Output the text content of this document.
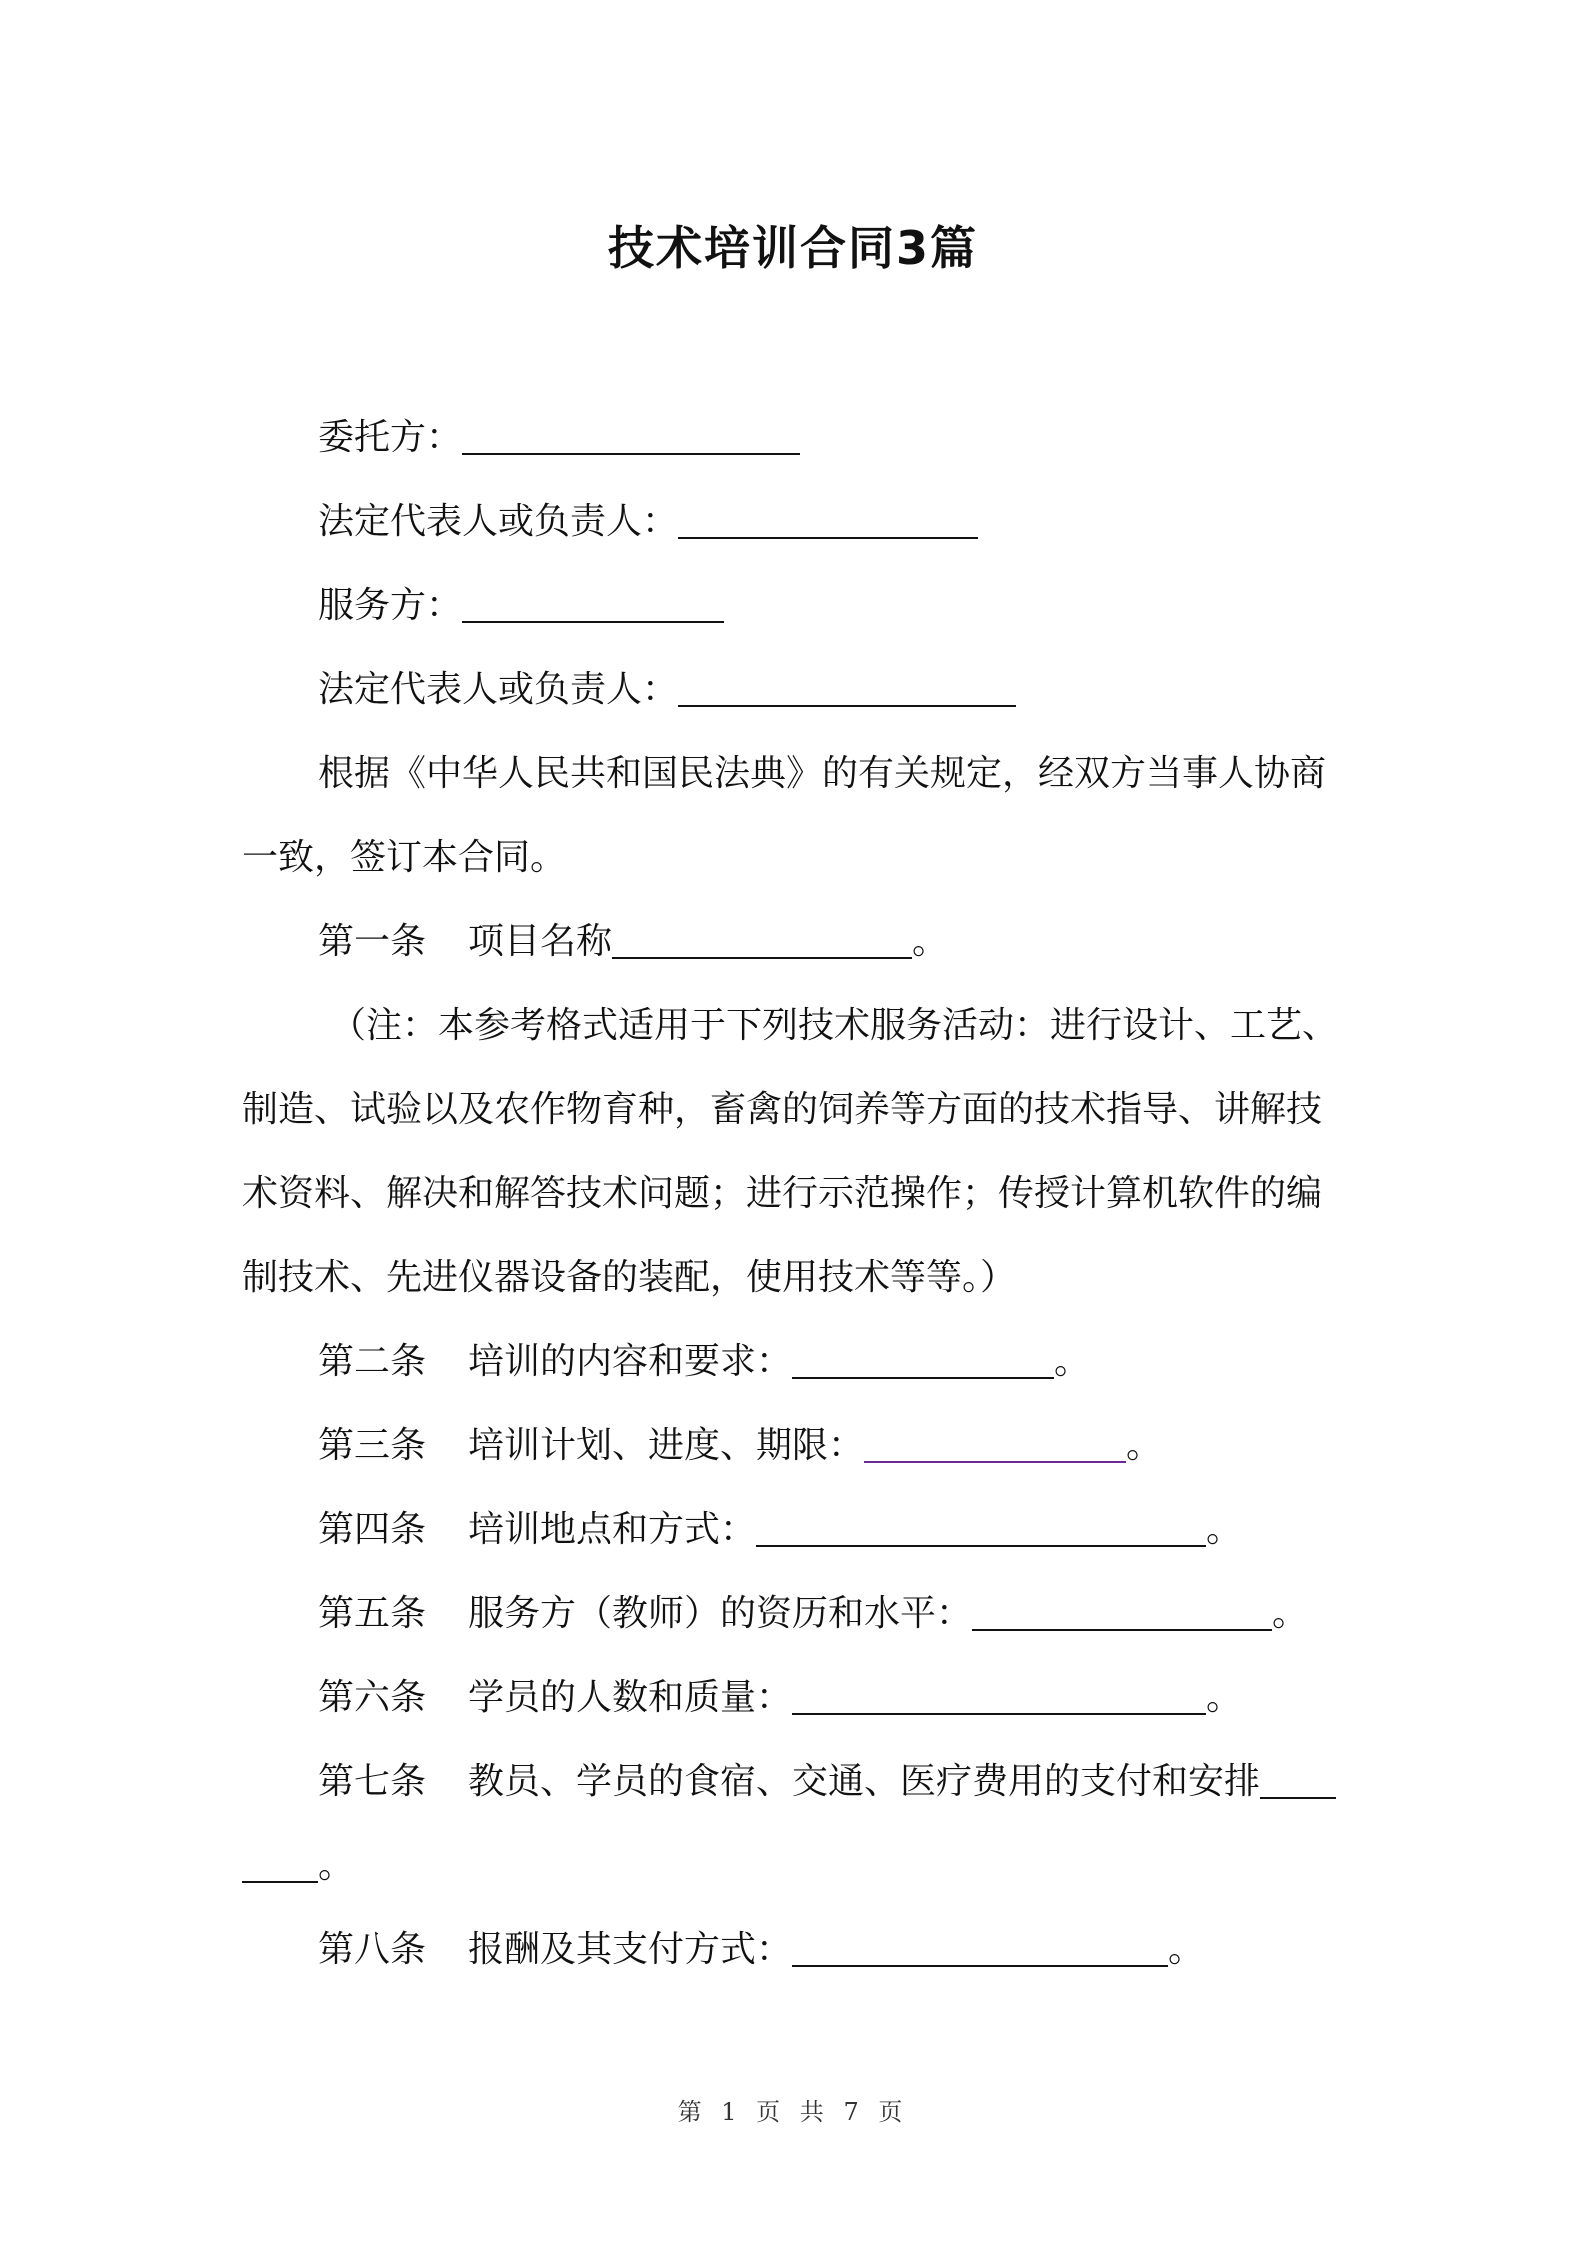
技术培训合同3篇
委托方：
法定代表人或负责人：
服务方：
法定代表人或负责人：
根据《中华人民共和国民法典》的有关规定，经双方当事人协商
一致，签订本合同。
第一条 项目名称	。
（注：本参考格式适用于下列技术服务活动：进行设计、工艺、
制造、试验以及农作物育种，畜禽的饲养等方面的技术指导、讲解技
术资料、解决和解答技术问题；进行示范操作；传授计算机软件的编
制技术、先进仪器设备的装配，使用技术等等。）
第二条 培训的内容和要求：	。
第三条 培训计划、进度、期限：	。
第四条 培训地点和方式：	。
第五条 服务方（教师）的资历和水平：	。
第六条 学员的人数和质量：	。
第七条 教员、学员的食宿、交通、医疗费用的支付和安排
。
第八条 报酬及其支付方式：	。
第 1 页 共 7 页
